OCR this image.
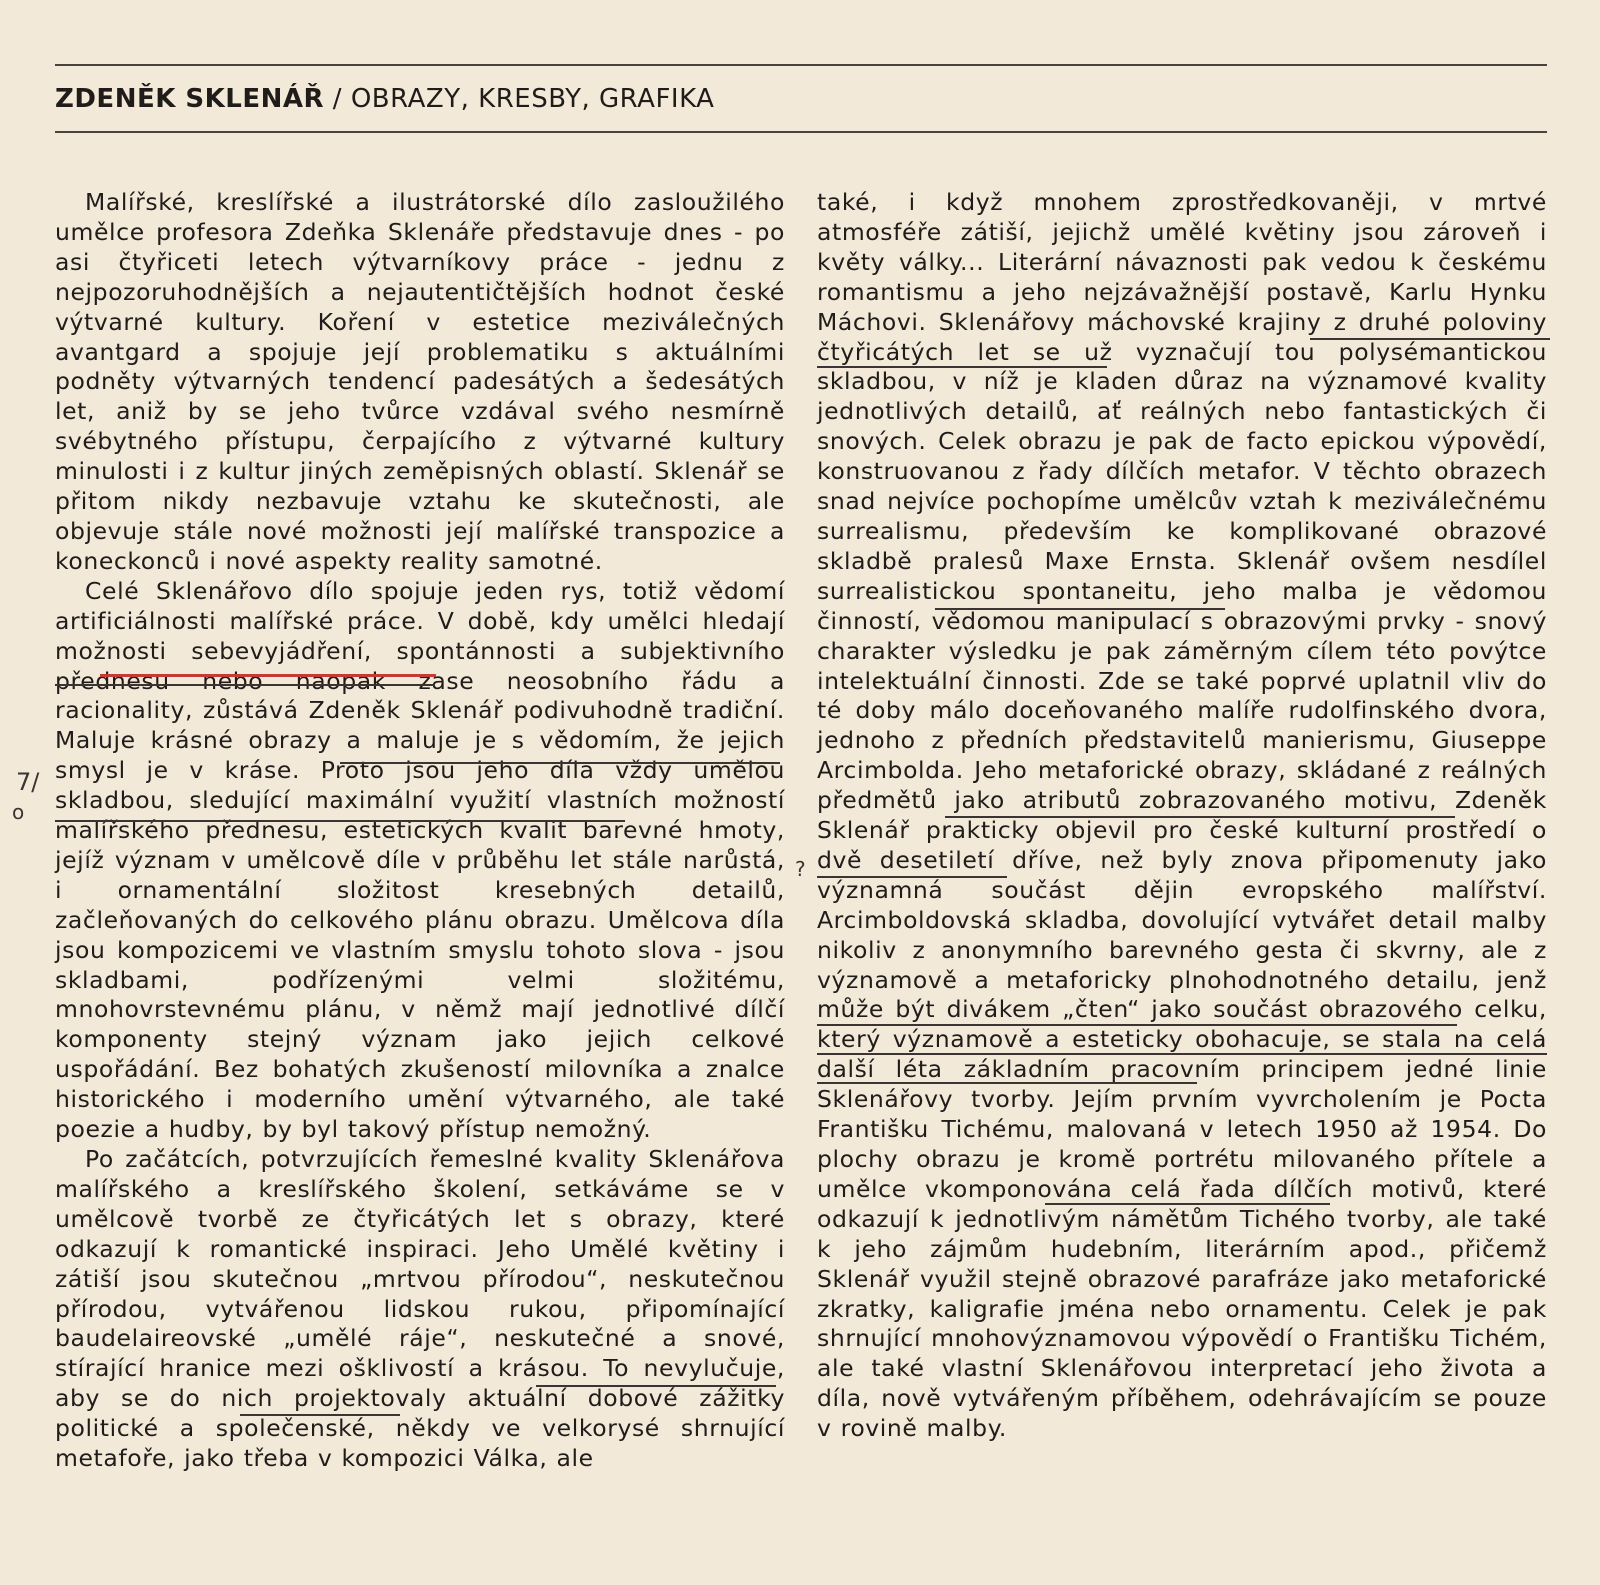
ZDENĚK SKLENÁŘ / OBRAZY, KRESBY, GRAFIKA

Malířské, kreslířské a ilustrátorské dílo zasloužilého umělce profesora Zdeňka Sklenáře představuje dnes - po asi čtyřiceti letech výtvarníkovy práce - jednu z nejpozoruhodnějších a nejautentičtějších hodnot české výtvarné kultury. Koření v estetice meziválečných avantgard a spojuje její problematiku s aktuálními podněty výtvarných tendencí padesátých a šedesátých let, aniž by se jeho tvůrce vzdával svého nesmírně svébytného přístupu, čerpajícího z výtvarné kultury minulosti i z kultur jiných zeměpisných oblastí. Sklenář se přitom nikdy nezbavuje vztahu ke skutečnosti, ale objevuje stále nové možnosti její malířské transpozice a koneckonců i nové aspekty reality samotné.

Celé Sklenářovo dílo spojuje jeden rys, totiž vědomí artificiálnosti malířské práce. V době, kdy umělci hledají možnosti sebevyjádření, spontánnosti a subjektivního přednesu nebo naopak zase neosobního řádu a racionality, zůstává Zdeněk Sklenář podivuhodně tradiční. Maluje krásné obrazy a maluje je s vědomím, že jejich smysl je v kráse. Proto jsou jeho díla vždy umělou skladbou, sledující maximální využití vlastních možností malířského přednesu, estetických kvalit barevné hmoty, jejíž význam v umělcově díle v průběhu let stále narůstá, i ornamentální složitost kresebných detailů, začleňovaných do celkového plánu obrazu. Umělcova díla jsou kompozicemi ve vlastním smyslu tohoto slova - jsou skladbami, podřízenými velmi složitému, mnohovrstevnému plánu, v němž mají jednotlivé dílčí komponenty stejný význam jako jejich celkové uspořádání. Bez bohatých zkušeností milovníka a znalce historického i moderního umění výtvarného, ale také poezie a hudby, by byl takový přístup nemožný.

Po začátcích, potvrzujících řemeslné kvality Sklenářova malířského a kreslířského školení, setkáváme se v umělcově tvorbě ze čtyřicátých let s obrazy, které odkazují k romantické inspiraci. Jeho Umělé květiny i zátiší jsou skutečnou „mrtvou přírodou“, neskutečnou přírodou, vytvářenou lidskou rukou, připomínající baudelaireovské „umělé ráje“, neskutečné a snové, stírající hranice mezi ošklivostí a krásou. To nevylučuje, aby se do nich projektovaly aktuální dobové zážitky politické a společenské, někdy ve velkorysé shrnující metafoře, jako třeba v kompozici Válka, ale

také, i když mnohem zprostředkovaněji, v mrtvé atmosféře zátiší, jejichž umělé květiny jsou zároveň i květy války... Literární návaznosti pak vedou k českému romantismu a jeho nejzávažnější postavě, Karlu Hynku Máchovi. Sklenářovy máchovské krajiny z druhé poloviny čtyřicátých let se už vyznačují tou polysémantickou skladbou, v níž je kladen důraz na významové kvality jednotlivých detailů, ať reálných nebo fantastických či snových. Celek obrazu je pak de facto epickou výpovědí, konstruovanou z řady dílčích metafor. V těchto obrazech snad nejvíce pochopíme umělcův vztah k meziválečnému surrealismu, především ke komplikované obrazové skladbě pralesů Maxe Ernsta. Sklenář ovšem nesdílel surrealistickou spontaneitu, jeho malba je vědomou činností, vědomou manipulací s obrazovými prvky - snový charakter výsledku je pak záměrným cílem této povýtce intelektuální činnosti. Zde se také poprvé uplatnil vliv do té doby málo doceňovaného malíře rudolfinského dvora, jednoho z předních představitelů manierismu, Giuseppe Arcimbolda. Jeho metaforické obrazy, skládané z reálných předmětů jako atributů zobrazovaného motivu, Zdeněk Sklenář prakticky objevil pro české kulturní prostředí o dvě desetiletí dříve, než byly znova připomenuty jako významná součást dějin evropského malířství. Arcimboldovská skladba, dovolující vytvářet detail malby nikoliv z anonymního barevného gesta či skvrny, ale z významově a metaforicky plnohodnotného detailu, jenž může být divákem „čten“ jako součást obrazového celku, který významově a esteticky obohacuje, se stala na celá další léta základním pracovním principem jedné linie Sklenářovy tvorby. Jejím prvním vyvrcholením je Pocta Františku Tichému, malovaná v letech 1950 až 1954. Do plochy obrazu je kromě portrétu milovaného přítele a umělce vkomponována celá řada dílčích motivů, které odkazují k jednotlivým námětům Tichého tvorby, ale také k jeho zájmům hudebním, literárním apod., přičemž Sklenář využil stejně obrazové parafráze jako metaforické zkratky, kaligrafie jména nebo ornamentu. Celek je pak shrnující mnohovýznamovou výpovědí o Františku Tichém, ale také vlastní Sklenářovou interpretací jeho života a díla, nově vytvářeným příběhem, odehrávajícím se pouze v rovině malby.

7/
o
?
